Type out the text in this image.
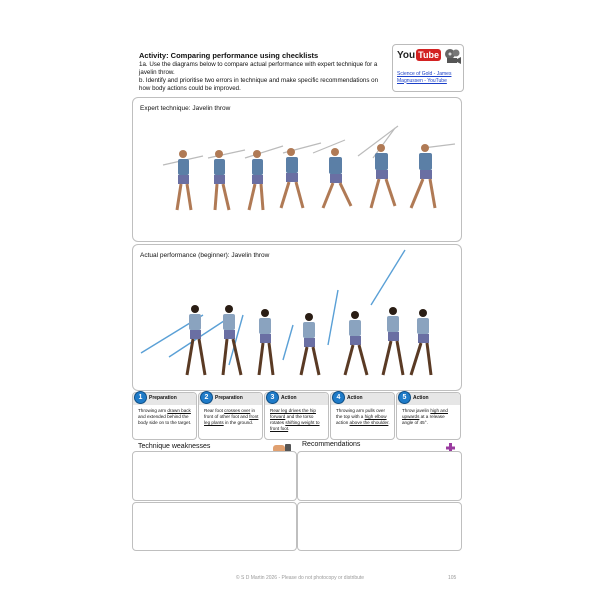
Activity: Comparing performance using checklists
1a. Use the diagrams below to compare actual performance with expert technique for a javelin throw.
b. Identify and prioritise two errors in technique and make specific recommendations on how body actions could be improved.
You Tube
Science of Gold - James
Magnussen - YouTube
Expert technique: Javelin throw
Actual performance (beginner): Javelin throw
1	Preparation
Throwing arm drawn back and extended behind the body side on to the target.
2	Preparation
Rear foot crosses over in front of other foot and front leg plants in the ground.
3	Action
Rear leg drives the hip forward and the torso rotates shifting weight to front foot.
4	Action
Throwing arm pulls over the top with a high elbow action above the shoulder.
5	Action
Throw javelin high and upwards at a release angle of 45°.
Technique weaknesses	Recommendations
© S D Martin 2026 - Please do not photocopy or distribute	105
